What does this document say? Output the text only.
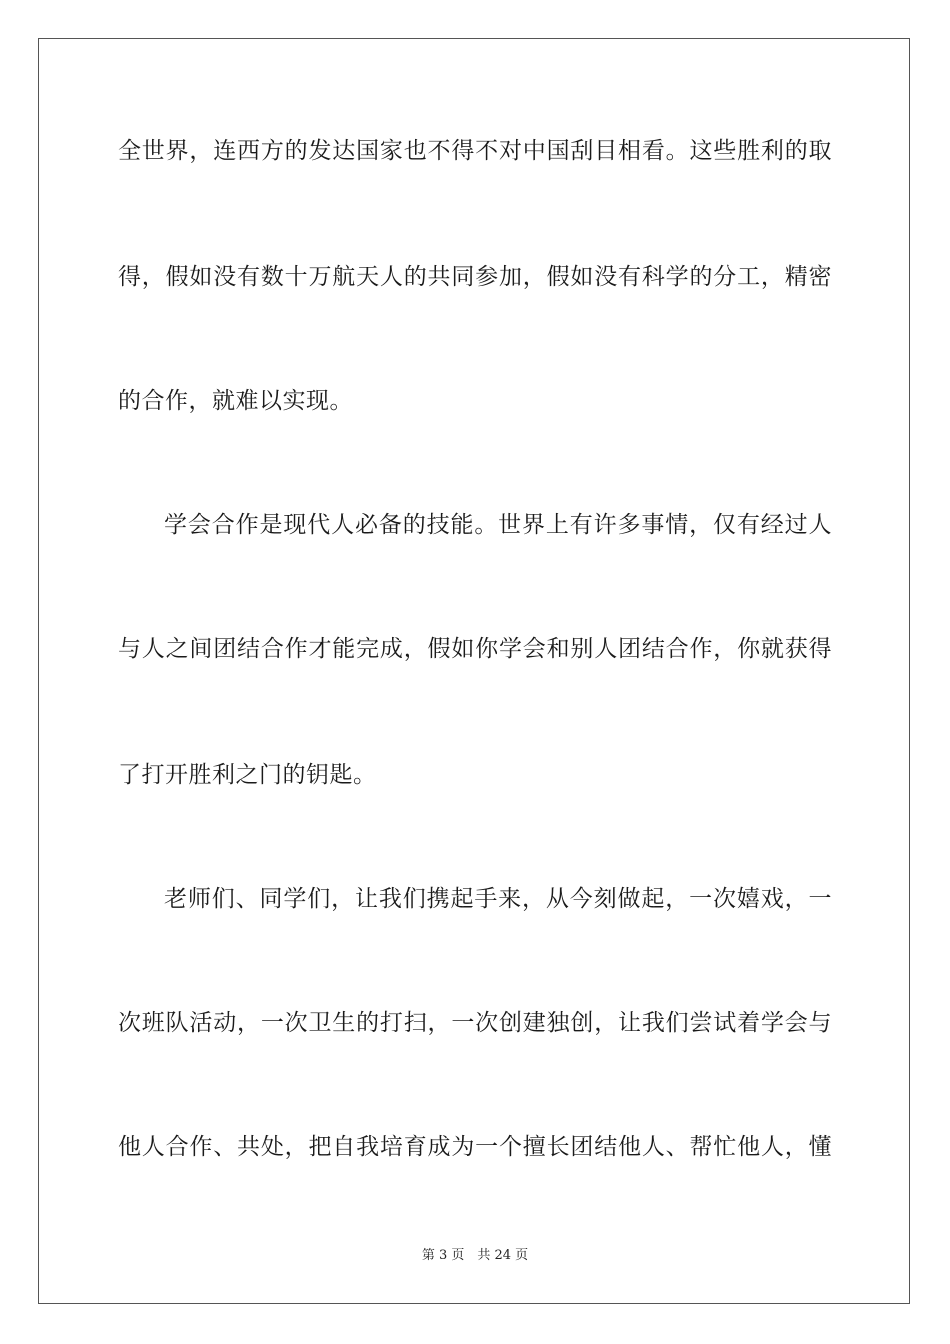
全世界，连西方的发达国家也不得不对中国刮目相看。这些胜利的取
得，假如没有数十万航天人的共同参加，假如没有科学的分工，精密
的合作，就难以实现。
学会合作是现代人必备的技能。世界上有许多事情，仅有经过人
与人之间团结合作才能完成，假如你学会和别人团结合作，你就获得
了打开胜利之门的钥匙。
老师们、同学们，让我们携起手来，从今刻做起，一次嬉戏，一
次班队活动，一次卫生的打扫，一次创建独创，让我们尝试着学会与
他人合作、共处，把自我培育成为一个擅长团结他人、帮忙他人，懂
第 3 页　共 24 页
